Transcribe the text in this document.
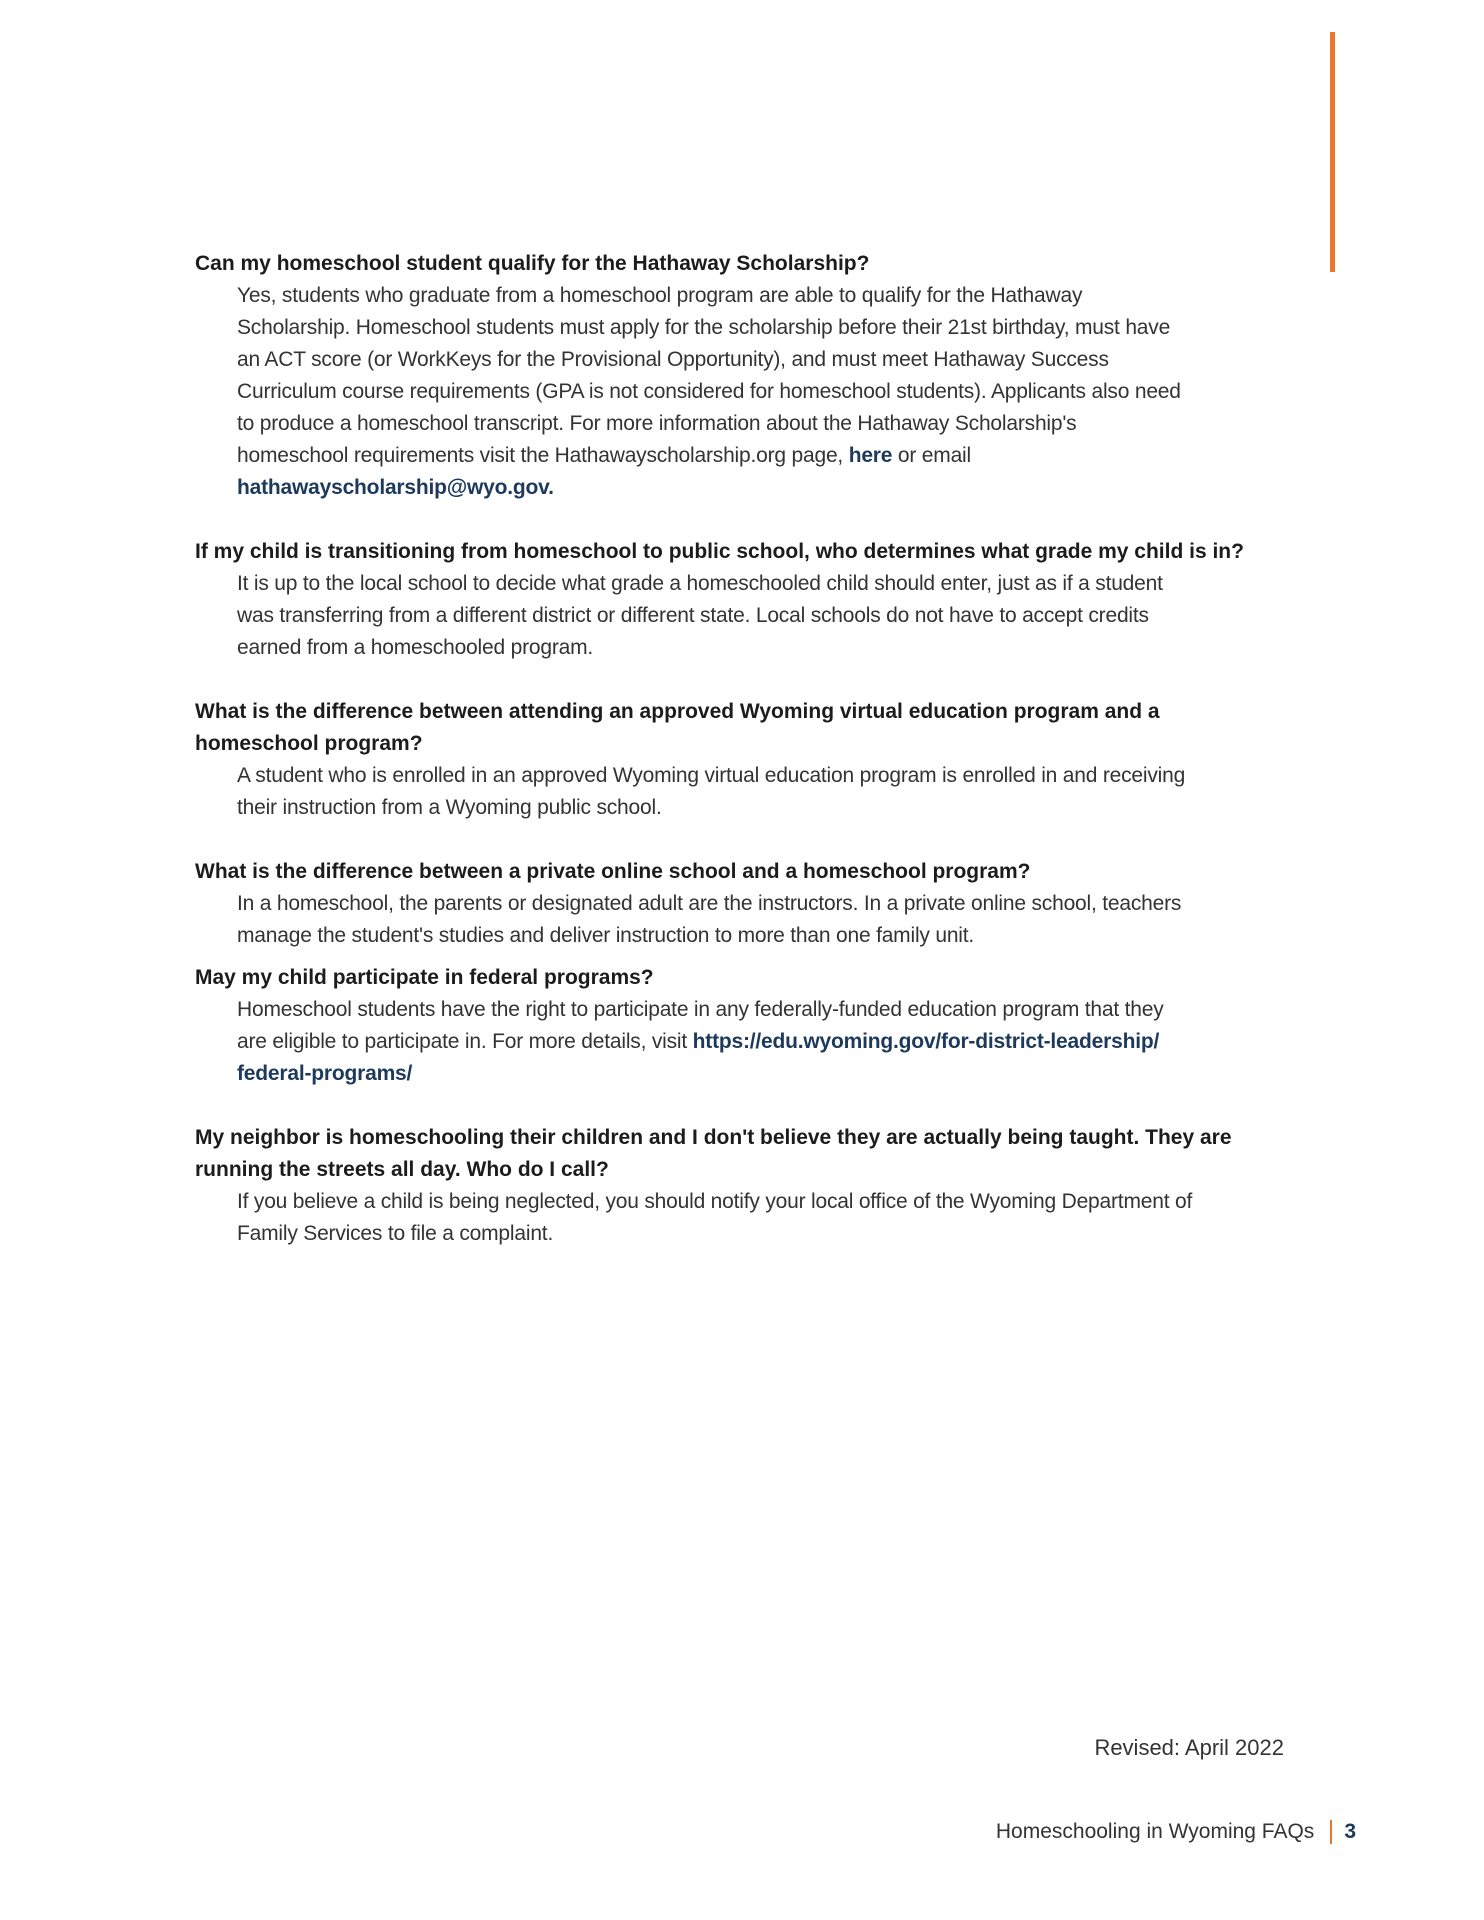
Can my homeschool student qualify for the Hathaway Scholarship?

Yes, students who graduate from a homeschool program are able to qualify for the Hathaway
Scholarship. Homeschool students must apply for the scholarship before their 21st birthday, must have
an ACT score (or WorkKeys for the Provisional Opportunity), and must meet Hathaway Success
Curriculum course requirements (GPA is not considered for homeschool students). Applicants also need
to produce a homeschool transcript. For more information about the Hathaway Scholarship's
homeschool requirements visit the Hathawayscholarship.org page, here or email
hathawayscholarship@wyo.gov.

If my child is transitioning from homeschool to public school, who determines what grade my child is in?

It is up to the local school to decide what grade a homeschooled child should enter, just as if a student
was transferring from a different district or different state. Local schools do not have to accept credits
earned from a homeschooled program.

What is the difference between attending an approved Wyoming virtual education program and a
homeschool program?

A student who is enrolled in an approved Wyoming virtual education program is enrolled in and receiving
their instruction from a Wyoming public school.

What is the difference between a private online school and a homeschool program?

In a homeschool, the parents or designated adult are the instructors. In a private online school, teachers
manage the student's studies and deliver instruction to more than one family unit.

May my child participate in federal programs?

Homeschool students have the right to participate in any federally-funded education program that they
are eligible to participate in. For more details, visit https://edu.wyoming.gov/for-district-leadership/
federal-programs/

My neighbor is homeschooling their children and I don't believe they are actually being taught. They are
running the streets all day. Who do I call?

If you believe a child is being neglected, you should notify your local office of the Wyoming Department of
Family Services to file a complaint.
Revised: April 2022
Homeschooling in Wyoming FAQs 3
